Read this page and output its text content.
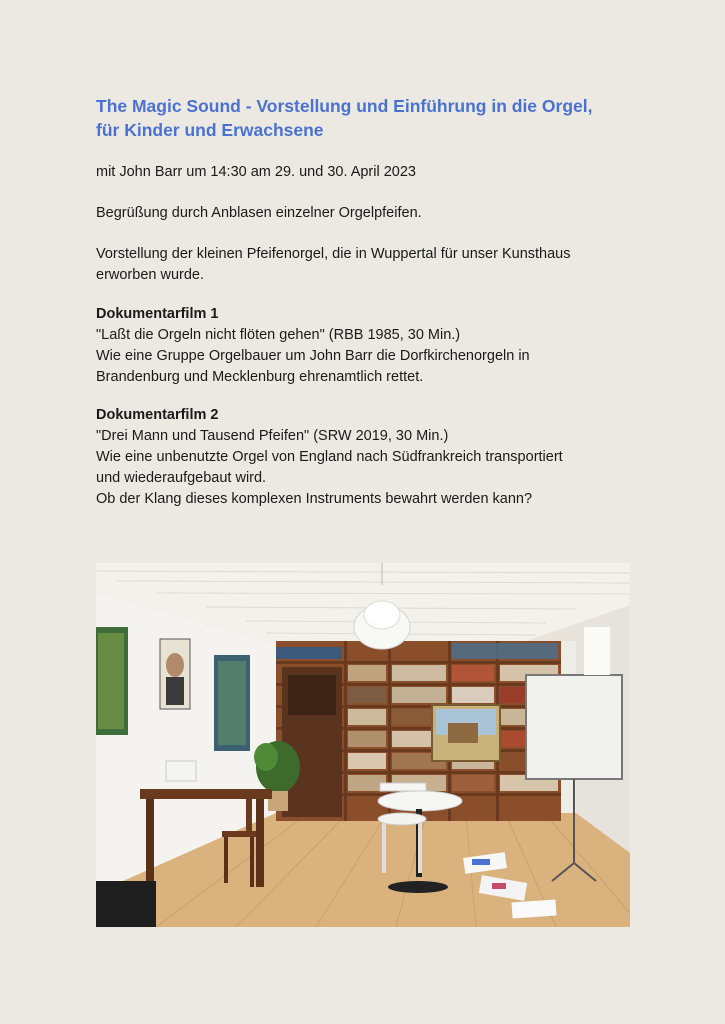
The Magic Sound - Vorstellung und Einführung in die Orgel,
für Kinder und Erwachsene
mit John Barr um 14:30 am 29. und 30. April 2023
Begrüßung durch Anblasen einzelner Orgelpfeifen.
Vorstellung der kleinen Pfeifenorgel, die in Wuppertal für unser Kunsthaus
erworben wurde.
Dokumentarfilm 1
"Laßt die Orgeln nicht flöten gehen" (RBB 1985, 30 Min.)
Wie eine Gruppe Orgelbauer um John Barr die Dorfkirchenorgeln in
Brandenburg und Mecklenburg ehrenamtlich rettet.
Dokumentarfilm 2
"Drei Mann und Tausend Pfeifen" (SRW 2019, 30 Min.)
Wie eine unbenutzte Orgel von England nach Südfrankreich transportiert
und wiederaufgebaut wird.
Ob der Klang dieses komplexen Instruments bewahrt werden kann?
